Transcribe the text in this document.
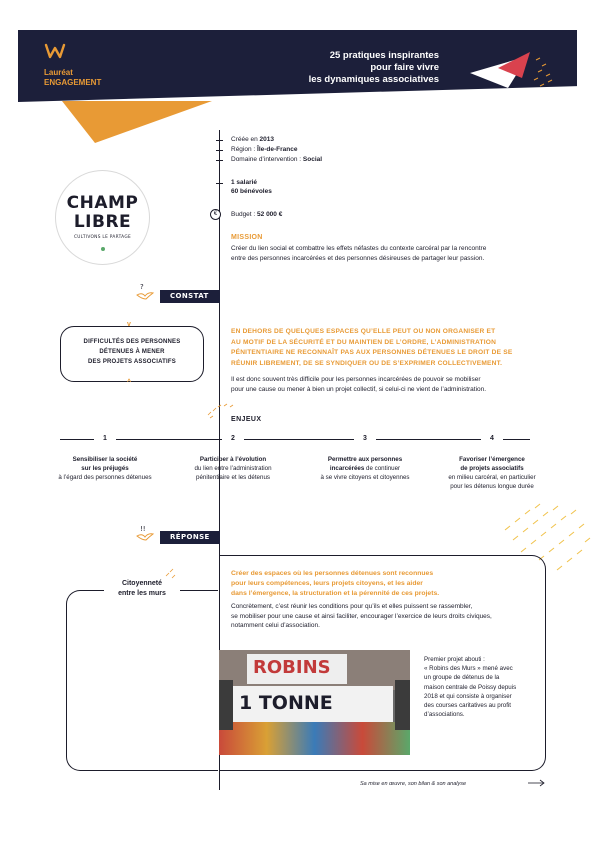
Lauréat
ENGAGEMENT
25 pratiques inspirantes
pour faire vivre
les dynamiques associatives
CHAMP
LIBRE
CULTIVONS LE PARTAGE
Créée en 2013
Région : Île-de-France
Domaine d’intervention : Social
1 salarié
60 bénévoles
€	Budget : 52 000 €
MISSION
Créer du lien social et combattre les effets néfastes du contexte carcéral par la rencontre
entre des personnes incarcérées et des personnes désireuses de partager leur passion.
?
CONSTAT
v
DIFFICULTÉS DES PERSONNES
DÉTENUES À MENER
DES PROJETS ASSOCIATIFS
^
EN DEHORS DE QUELQUES ESPACES QU’ELLE PEUT OU NON ORGANISER ET
AU MOTIF DE LA SÉCURITÉ ET DU MAINTIEN DE L’ORDRE, L’ADMINISTRATION
PÉNITENTIAIRE NE RECONNAÎT PAS AUX PERSONNES DÉTENUES LE DROIT DE SE
RÉUNIR LIBREMENT, DE SE SYNDIQUER OU DE S’EXPRIMER COLLECTIVEMENT.
Il est donc souvent très difficile pour les personnes incarcérées de pouvoir se mobiliser
pour une cause ou mener à bien un projet collectif, si celui-ci ne vient de l’administration.
ENJEUX
1	2	3	4
Sensibiliser la société
sur les préjugés
à l’égard des personnes détenues
Participer à l’évolution
du lien entre l’administration
pénitentiaire et les détenus
Permettre aux personnes
incarcérées de continuer
à se vivre citoyens et citoyennes
Favoriser l’émergence
de projets associatifs
en milieu carcéral, en particulier
pour les détenus longue durée
!!
RÉPONSE
Citoyenneté
entre les murs
Créer des espaces où les personnes détenues sont reconnues
pour leurs compétences, leurs projets citoyens, et les aider
dans l’émergence, la structuration et la pérennité de ces projets.
Concrètement, c’est réunir les conditions pour qu’ils et elles puissent se rassembler,
se mobiliser pour une cause et ainsi faciliter, encourager l’exercice de leurs droits civiques,
notamment celui d’association.
ROBINS
1 TONNE
Premier projet abouti :
« Robins des Murs » mené avec
un groupe de détenus de la
maison centrale de Poissy depuis
2018 et qui consiste à organiser
des courses caritatives au profit
d’associations.
Sa mise en œuvre, son bilan & son analyse
